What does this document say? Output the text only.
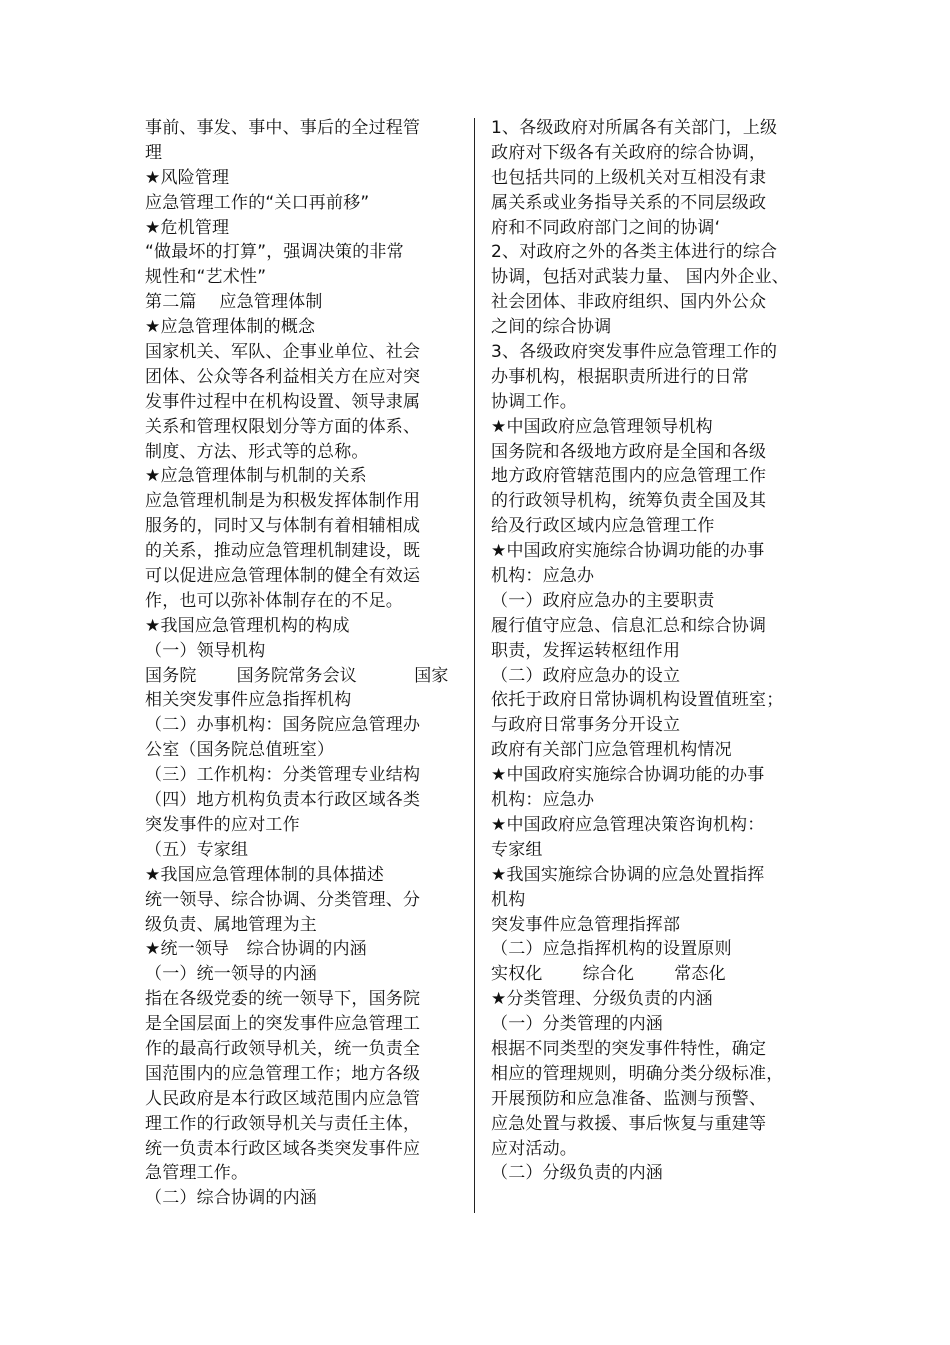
事前、事发、事中、事后的全过程管
理
★风险管理
应急管理工作的“关口再前移”
★危机管理
“做最坏的打算”，强调决策的非常
规性和“艺术性”
第二篇　 应急管理体制
★应急管理体制的概念
国家机关、军队、企事业单位、社会
团体、公众等各利益相关方在应对突
发事件过程中在机构设置、领导隶属
关系和管理权限划分等方面的体系、
制度、方法、形式等的总称。
★应急管理体制与机制的关系
应急管理机制是为积极发挥体制作用
服务的，同时又与体制有着相辅相成
的关系，推动应急管理机制建设，既
可以促进应急管理体制的健全有效运
作，也可以弥补体制存在的不足。
★我国应急管理机构的构成
（一）领导机构
国务院　　 国务院常务会议　　　 国家
相关突发事件应急指挥机构
（二）办事机构：国务院应急管理办
公室（国务院总值班室）
（三）工作机构：分类管理专业结构
（四）地方机构负责本行政区域各类
突发事件的应对工作
（五）专家组
★我国应急管理体制的具体描述
统一领导、综合协调、分类管理、分
级负责、属地管理为主
★统一领导　综合协调的内涵
（一）统一领导的内涵
指在各级党委的统一领导下，国务院
是全国层面上的突发事件应急管理工
作的最高行政领导机关，统一负责全
国范围内的应急管理工作；地方各级
人民政府是本行政区域范围内应急管
理工作的行政领导机关与责任主体，
统一负责本行政区域各类突发事件应
急管理工作。
（二）综合协调的内涵
1、各级政府对所属各有关部门，上级
政府对下级各有关政府的综合协调，
也包括共同的上级机关对互相没有隶
属关系或业务指导关系的不同层级政
府和不同政府部门之间的协调‘
2、对政府之外的各类主体进行的综合
协调，包括对武装力量、 国内外企业、
社会团体、非政府组织、国内外公众
之间的综合协调
3、各级政府突发事件应急管理工作的
办事机构，根据职责所进行的日常
协调工作。
★中国政府应急管理领导机构
国务院和各级地方政府是全国和各级
地方政府管辖范围内的应急管理工作
的行政领导机构，统筹负责全国及其
给及行政区域内应急管理工作
★中国政府实施综合协调功能的办事
机构：应急办
（一）政府应急办的主要职责
履行值守应急、信息汇总和综合协调
职责，发挥运转枢纽作用
（二）政府应急办的设立
依托于政府日常协调机构设置值班室；
与政府日常事务分开设立
政府有关部门应急管理机构情况
★中国政府实施综合协调功能的办事
机构：应急办
★中国政府应急管理决策咨询机构：
专家组
★我国实施综合协调的应急处置指挥
机构
突发事件应急管理指挥部
（二）应急指挥机构的设置原则
实权化　　 综合化　　 常态化
★分类管理、分级负责的内涵
（一）分类管理的内涵
根据不同类型的突发事件特性，确定
相应的管理规则，明确分类分级标准，
开展预防和应急准备、监测与预警、
应急处置与救援、事后恢复与重建等
应对活动。
（二）分级负责的内涵
